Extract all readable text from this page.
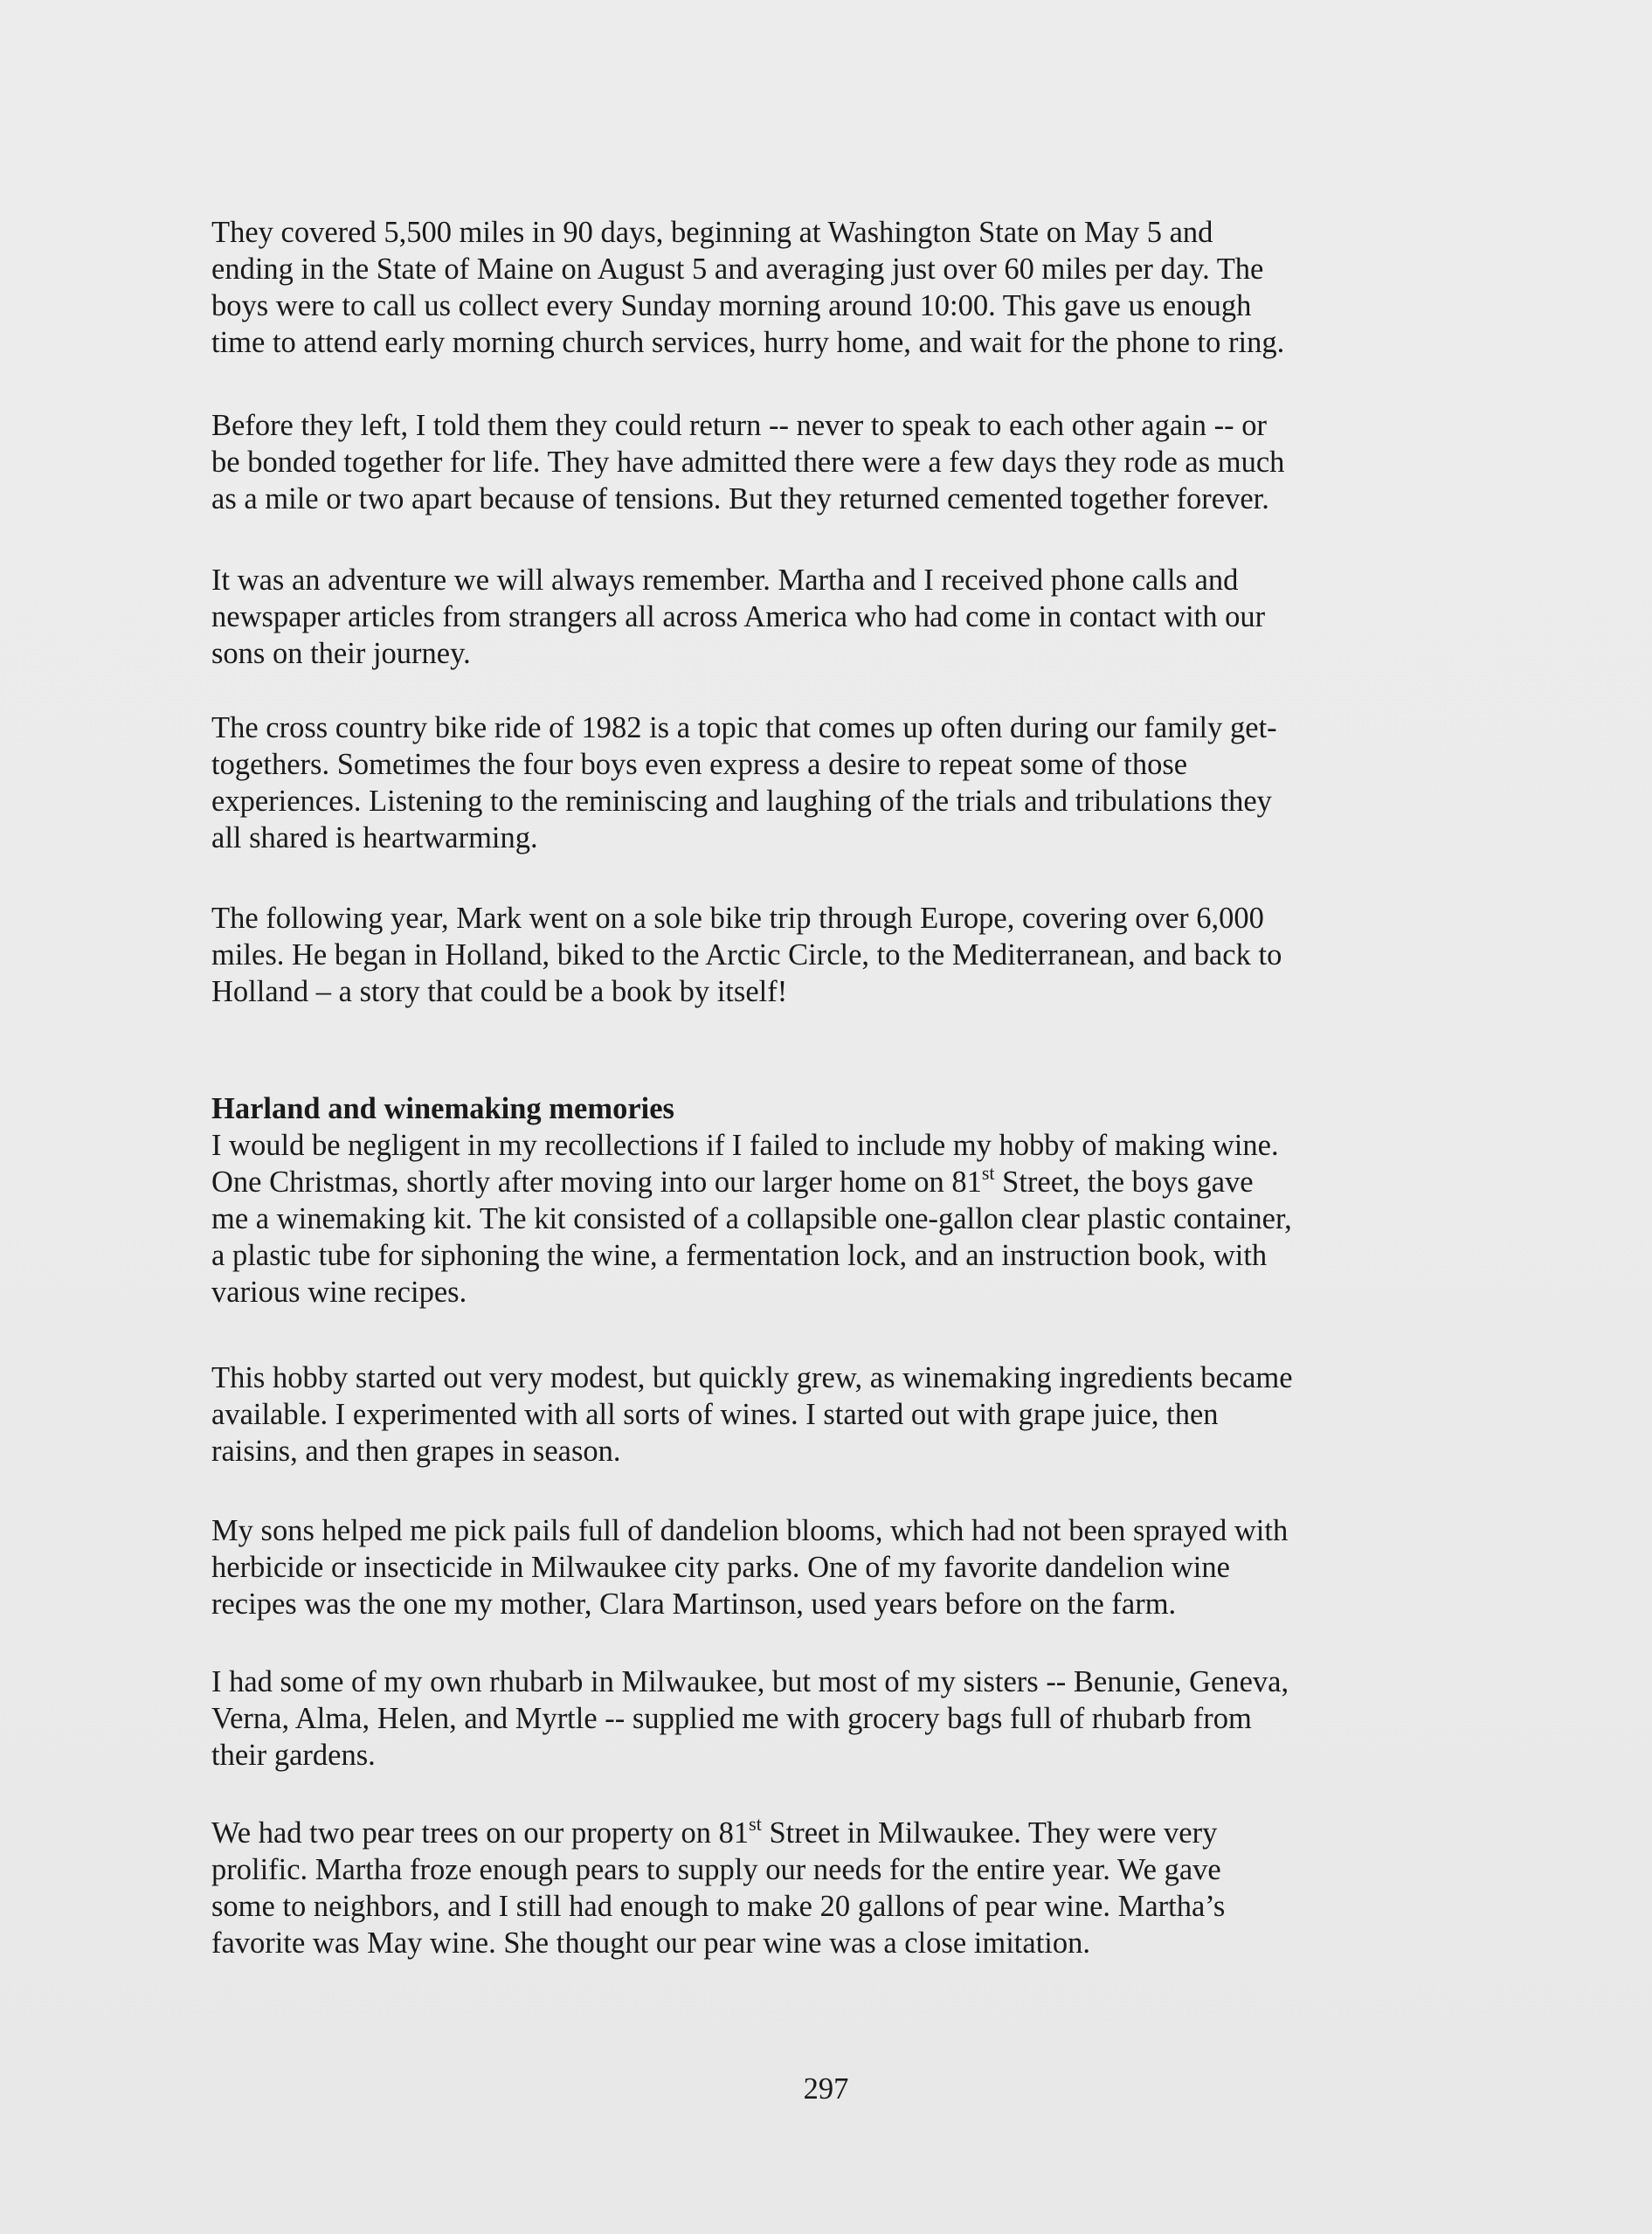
They covered 5,500 miles in 90 days, beginning at Washington State on May 5 and
ending in the State of Maine on August 5 and averaging just over 60 miles per day. The
boys were to call us collect every Sunday morning around 10:00. This gave us enough
time to attend early morning church services, hurry home, and wait for the phone to ring.
Before they left, I told them they could return -- never to speak to each other again -- or
be bonded together for life. They have admitted there were a few days they rode as much
as a mile or two apart because of tensions. But they returned cemented together forever.
It was an adventure we will always remember. Martha and I received phone calls and
newspaper articles from strangers all across America who had come in contact with our
sons on their journey.
The cross country bike ride of 1982 is a topic that comes up often during our family get-
togethers. Sometimes the four boys even express a desire to repeat some of those
experiences. Listening to the reminiscing and laughing of the trials and tribulations they
all shared is heartwarming.
The following year, Mark went on a sole bike trip through Europe, covering over 6,000
miles. He began in Holland, biked to the Arctic Circle, to the Mediterranean, and back to
Holland – a story that could be a book by itself!
Harland and winemaking memories
I would be negligent in my recollections if I failed to include my hobby of making wine.
One Christmas, shortly after moving into our larger home on 81st Street, the boys gave
me a winemaking kit. The kit consisted of a collapsible one-gallon clear plastic container,
a plastic tube for siphoning the wine, a fermentation lock, and an instruction book, with
various wine recipes.
This hobby started out very modest, but quickly grew, as winemaking ingredients became
available. I experimented with all sorts of wines. I started out with grape juice, then
raisins, and then grapes in season.
My sons helped me pick pails full of dandelion blooms, which had not been sprayed with
herbicide or insecticide in Milwaukee city parks. One of my favorite dandelion wine
recipes was the one my mother, Clara Martinson, used years before on the farm.
I had some of my own rhubarb in Milwaukee, but most of my sisters -- Benunie, Geneva,
Verna, Alma, Helen, and Myrtle -- supplied me with grocery bags full of rhubarb from
their gardens.
We had two pear trees on our property on 81st Street in Milwaukee. They were very
prolific. Martha froze enough pears to supply our needs for the entire year. We gave
some to neighbors, and I still had enough to make 20 gallons of pear wine. Martha’s
favorite was May wine. She thought our pear wine was a close imitation.
297
